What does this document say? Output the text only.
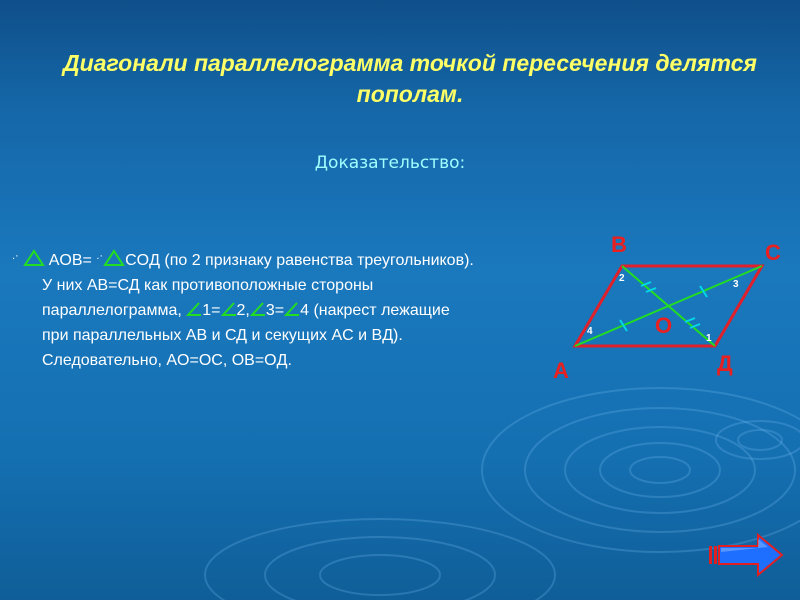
Диагонали параллелограмма точкой пересечения делятся пополам.
Доказательство:
.· AOB= .· COД (по 2 признаку равенства треугольников).
У них AB=СД как противоположные стороны
параллелограмма, 1= 2, 3= 4 (накрест лежащие
при параллельных AB и СД и секущих AC и BД).
Следовательно, AO=OC, OB=OД.
B	C
A	Д
O
1
2
3
4
